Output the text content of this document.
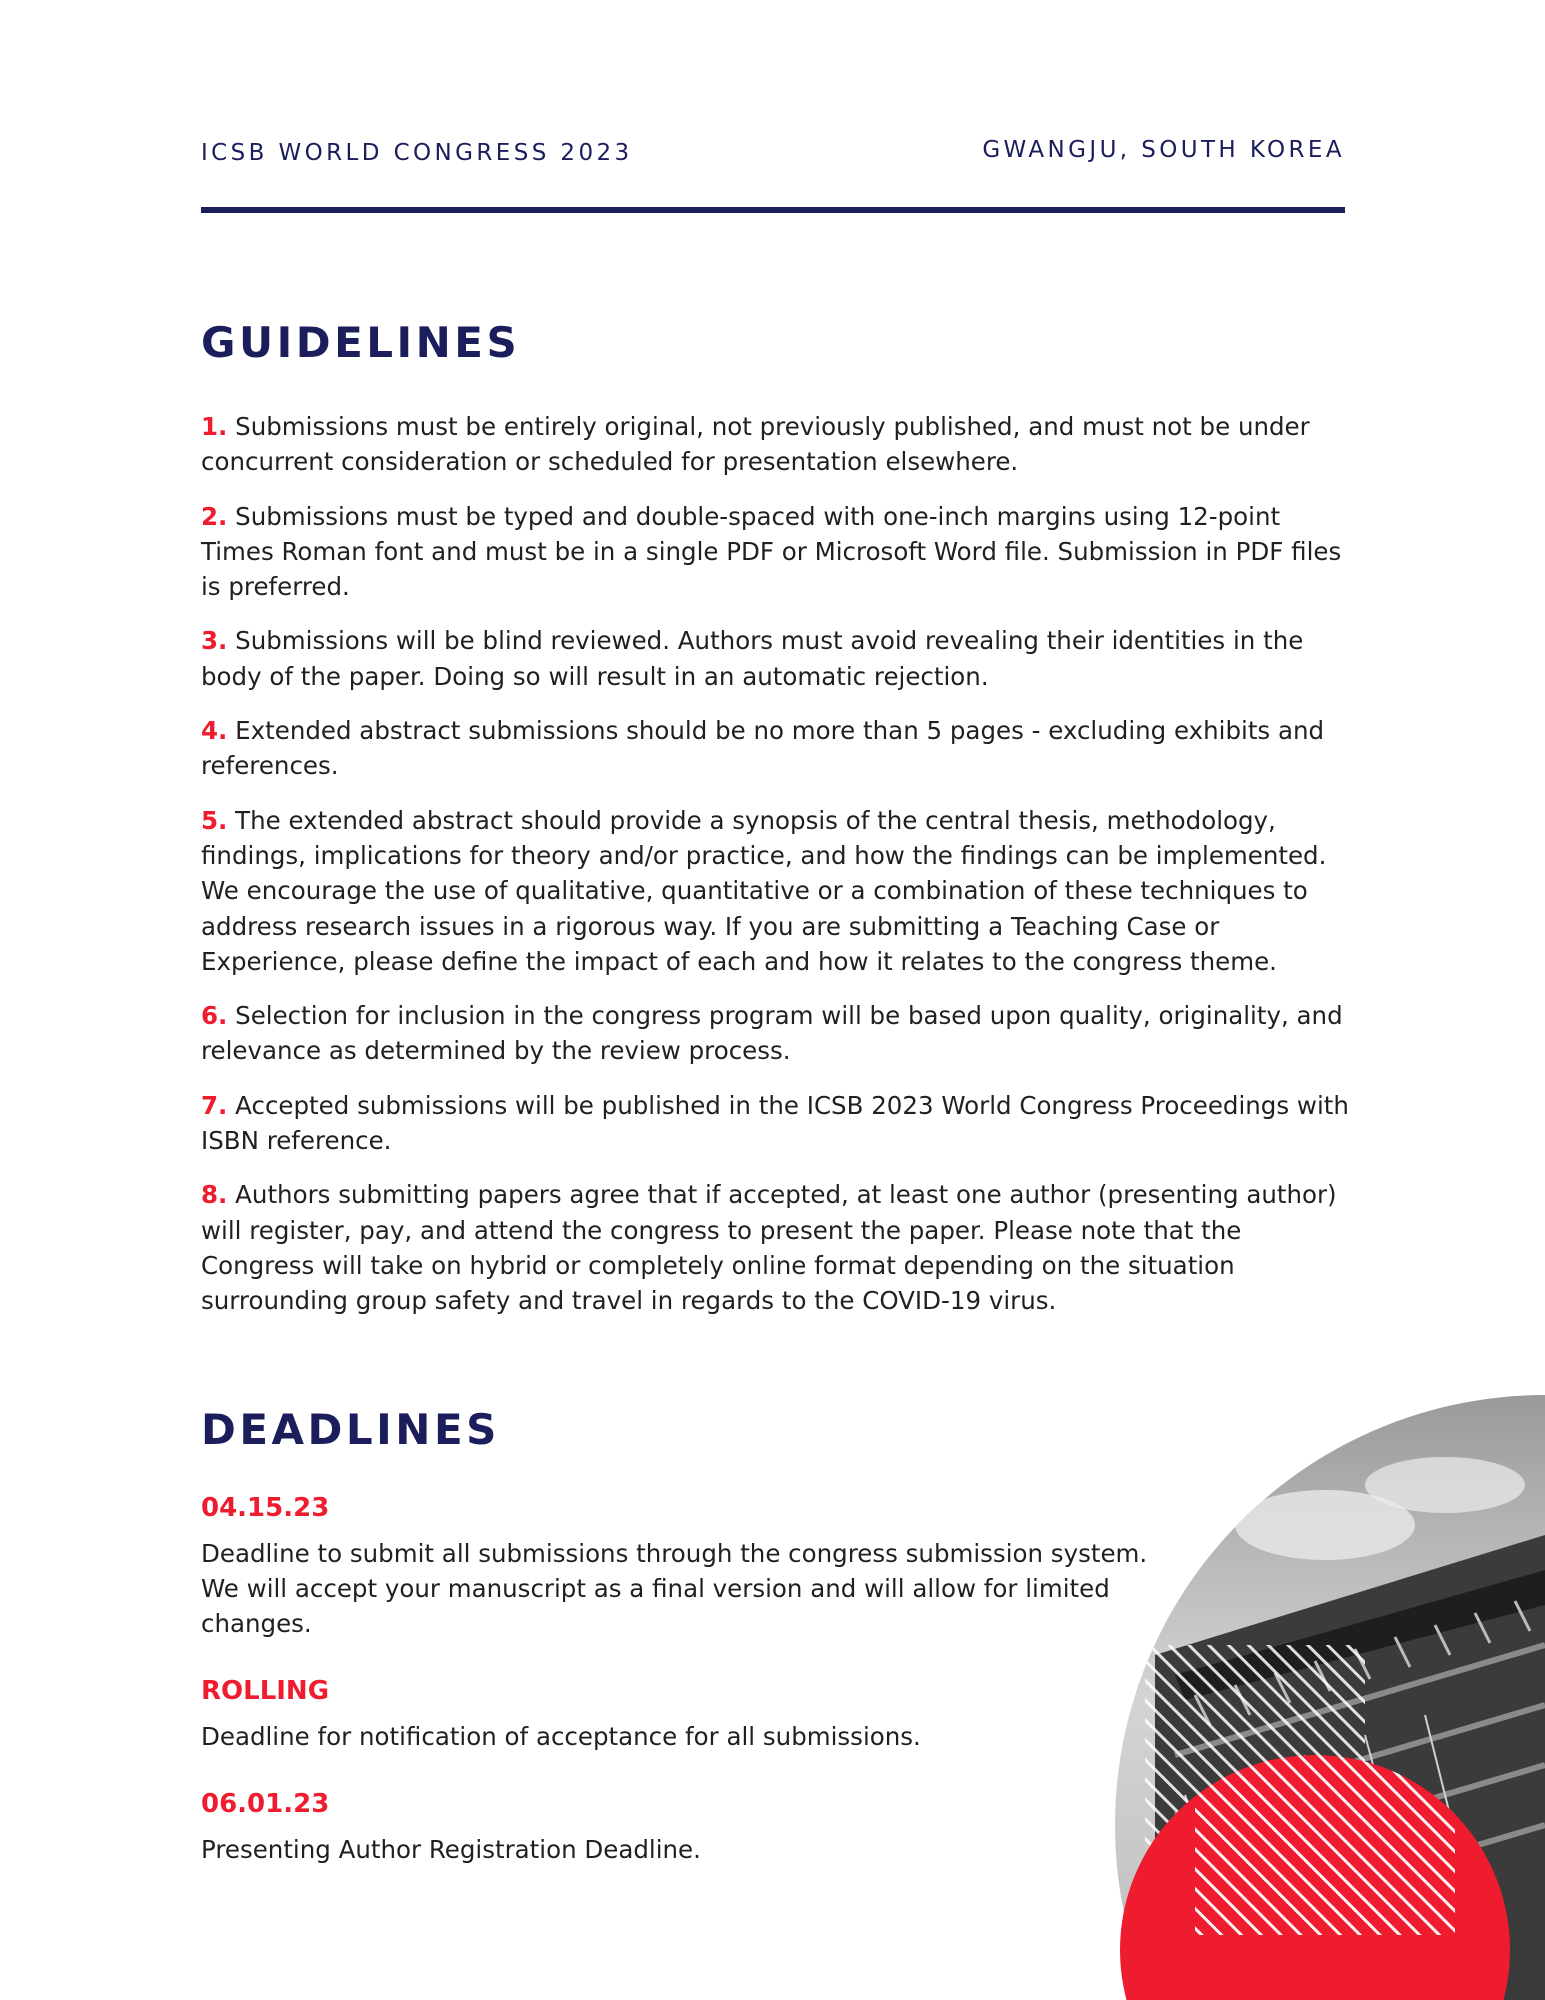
ICSB WORLD CONGRESS 2023	GWANGJU, SOUTH KOREA
GUIDELINES
1. Submissions must be entirely original, not previously published, and must not be under concurrent consideration or scheduled for presentation elsewhere.
2. Submissions must be typed and double-spaced with one-inch margins using 12-point Times Roman font and must be in a single PDF or Microsoft Word file. Submission in PDF files is preferred.
3. Submissions will be blind reviewed. Authors must avoid revealing their identities in the body of the paper. Doing so will result in an automatic rejection.
4. Extended abstract submissions should be no more than 5 pages - excluding exhibits and references.
5. The extended abstract should provide a synopsis of the central thesis, methodology, findings, implications for theory and/or practice, and how the findings can be implemented. We encourage the use of qualitative, quantitative or a combination of these techniques to address research issues in a rigorous way. If you are submitting a Teaching Case or Experience, please define the impact of each and how it relates to the congress theme.
6. Selection for inclusion in the congress program will be based upon quality, originality, and relevance as determined by the review process.
7. Accepted submissions will be published in the ICSB 2023 World Congress Proceedings with ISBN reference.
8. Authors submitting papers agree that if accepted, at least one author (presenting author) will register, pay, and attend the congress to present the paper. Please note that the Congress will take on hybrid or completely online format depending on the situation surrounding group safety and travel in regards to the COVID-19 virus.
DEADLINES
04.15.23
Deadline to submit all submissions through the congress submission system. We will accept your manuscript as a final version and will allow for limited changes.
ROLLING
Deadline for notification of acceptance for all submissions.
06.01.23
Presenting Author Registration Deadline.
